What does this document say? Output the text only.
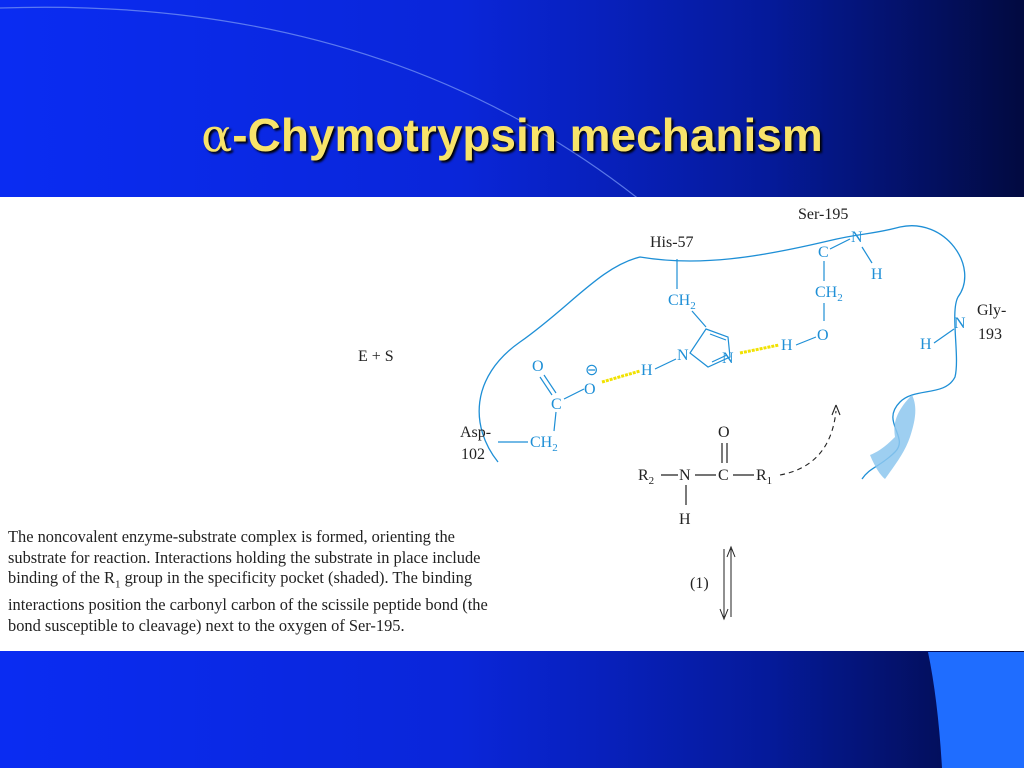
α-Chymotrypsin mechanism
Ser-195
C
N
H
$CH_2$
O
H
His-57
$CH_2$
N N
H
Asp-
102
$CH_2$
C
O
O
⊖
Gly-
193
N
H
O
$R_2$ N C $R_1$
H
E + S
(1)
The noncovalent enzyme-substrate complex is formed, orienting the
substrate for reaction. Interactions holding the substrate in place include
binding of the $R_1$ group in the specificity pocket (shaded). The binding
interactions position the carbonyl carbon of the scissile peptide bond (the
bond susceptible to cleavage) next to the oxygen of Ser-195.
